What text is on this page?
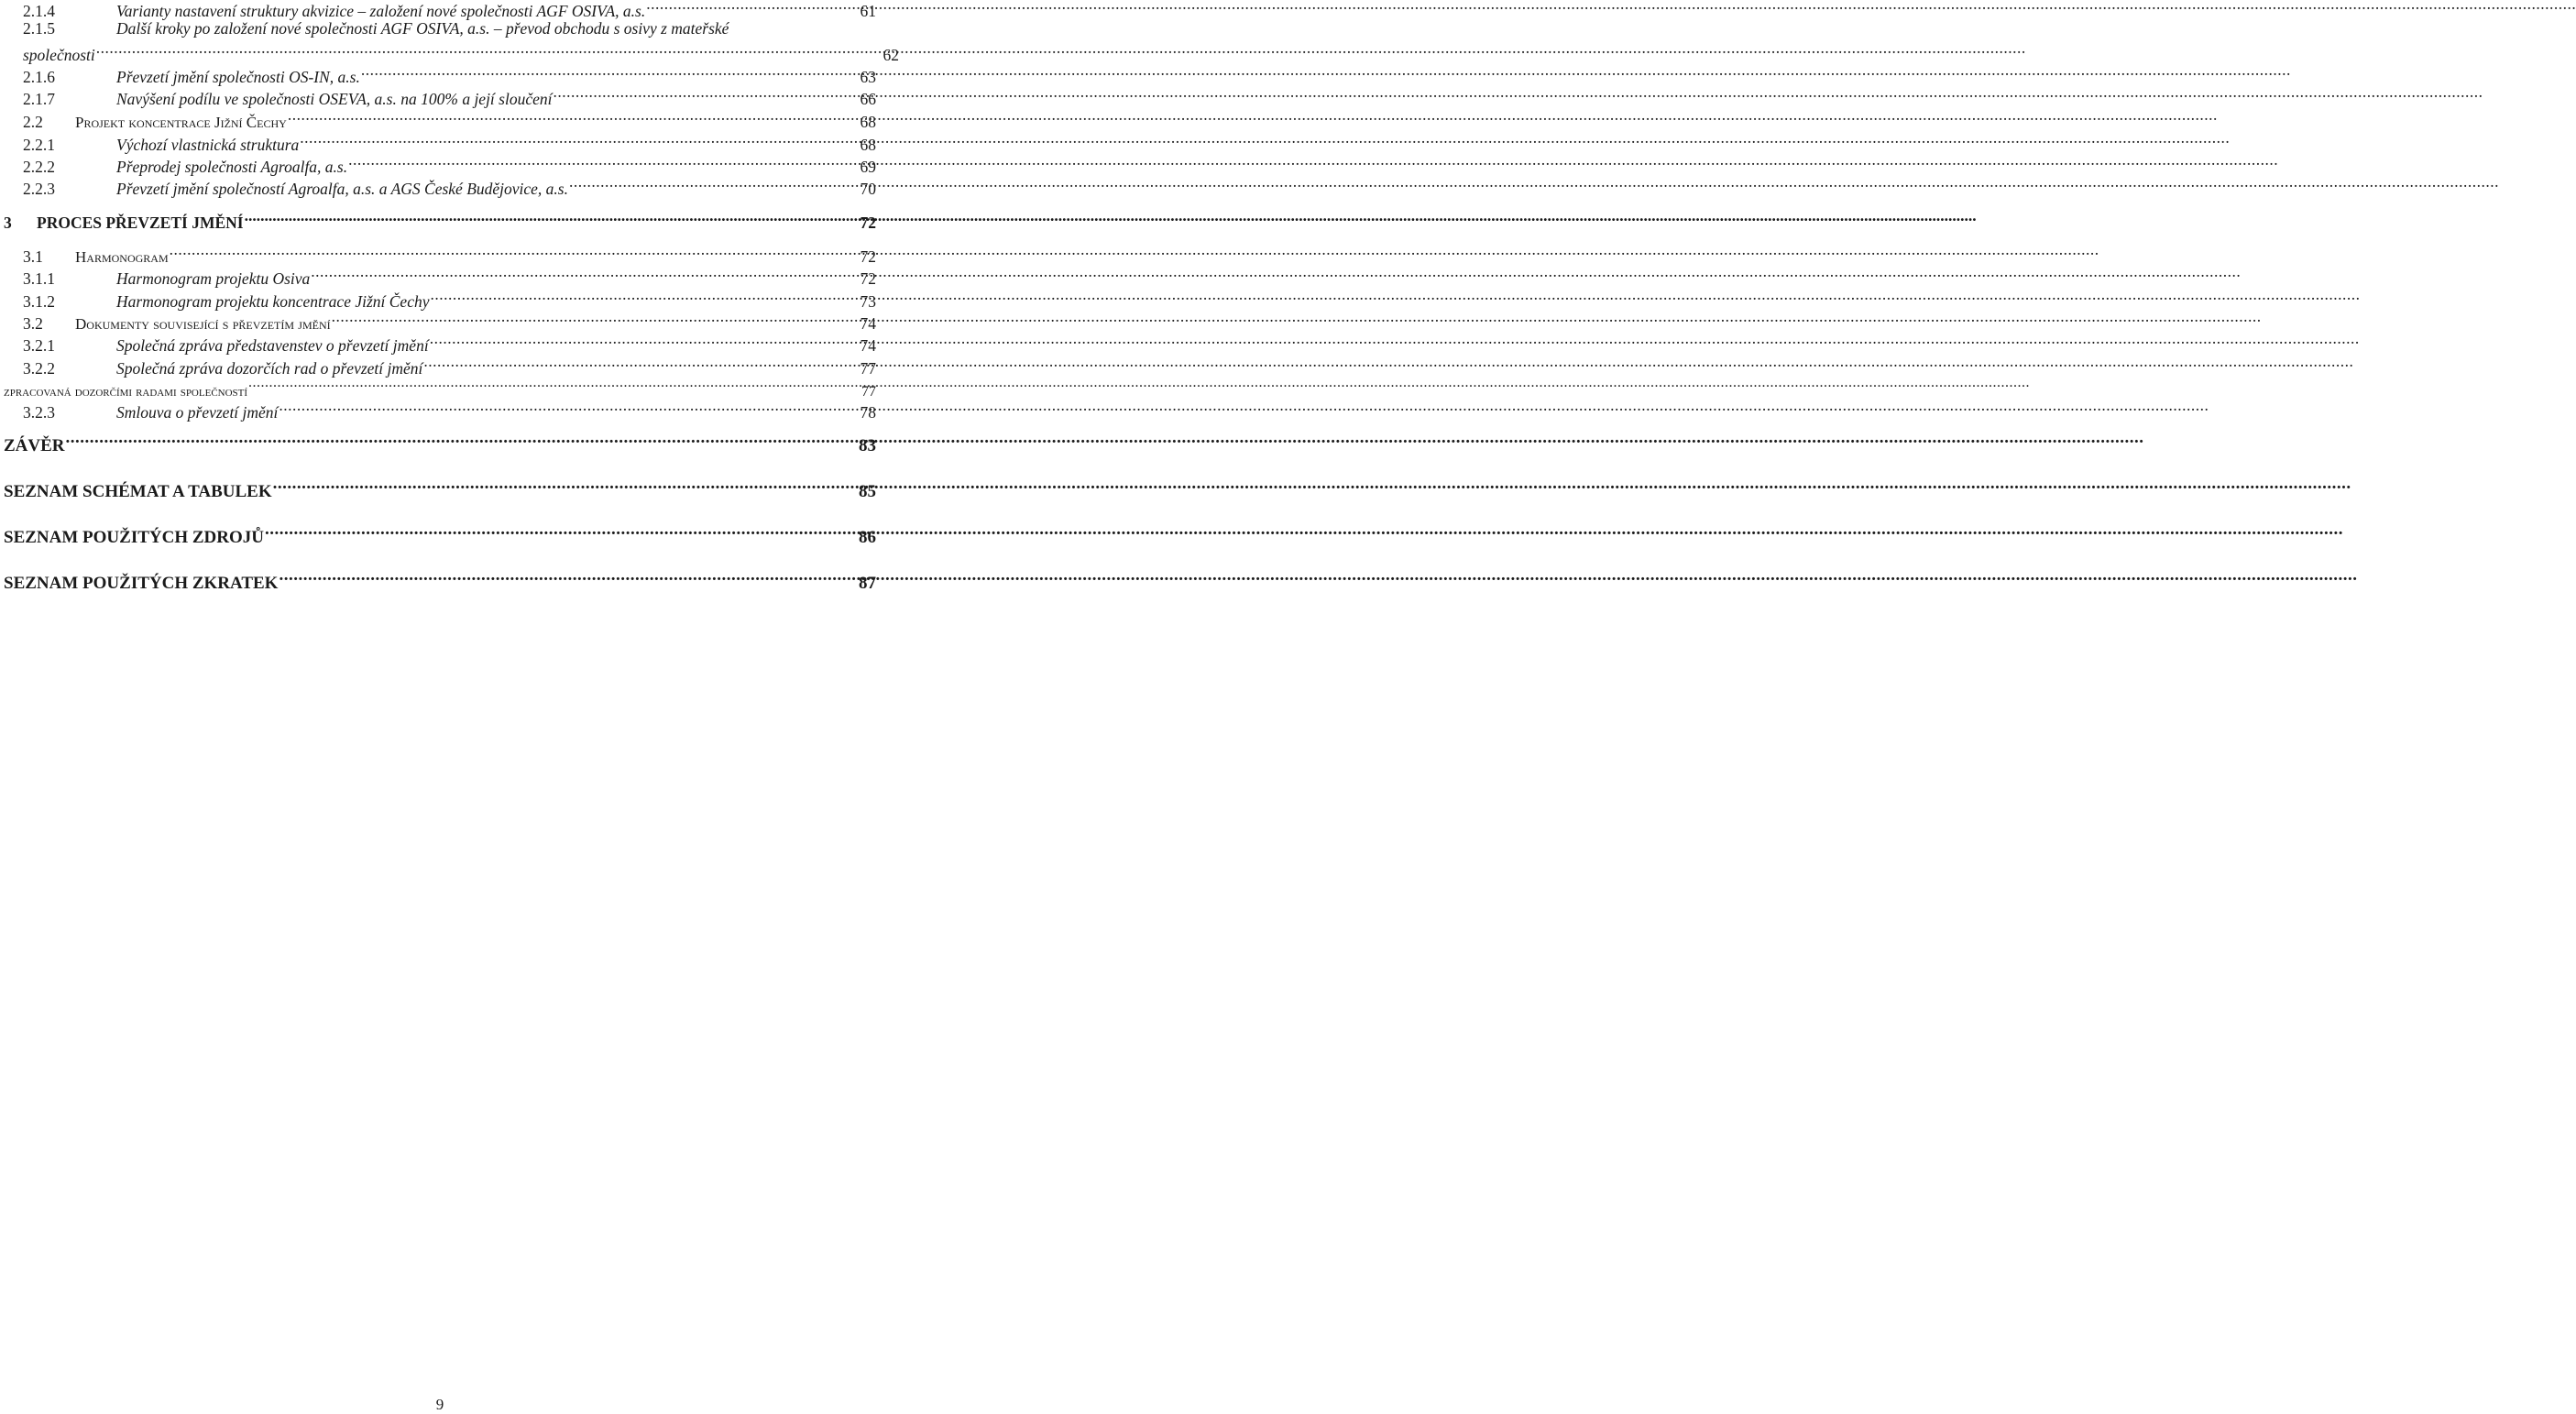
2.1.4	Varianty nastavení struktury akvizice – založení nové společnosti AGF OSIVA, a.s. .....	61
2.1.5	Další kroky po založení nové společnosti AGF OSIVA, a.s. – převod obchodu s osivy z mateřské
společnosti .....	62
2.1.6	Převzetí jmění společnosti OS-IN, a.s. .....	63
2.1.7	Navýšení podílu ve společnosti OSEVA, a.s. na 100% a její sloučení .....	66
2.2	Projekt koncentrace Jižní Čechy .....	68
2.2.1	Výchozí vlastnická struktura .....	68
2.2.2	Přeprodej společnosti Agroalfa, a.s. .....	69
2.2.3	Převzetí jmění společností Agroalfa, a.s. a AGS České Budějovice, a.s. .....	70
3	PROCES PŘEVZETÍ JMĚNÍ .....	72
3.1	Harmonogram .....	72
3.1.1	Harmonogram projektu Osiva .....	72
3.1.2	Harmonogram projektu koncentrace Jižní Čechy .....	73
3.2	Dokumenty související s převzetím jmění .....	74
3.2.1	Společná zpráva představenstev o převzetí jmění .....	74
3.2.2	Společná zpráva dozorčích rad o převzetí jmění .....	77
zpracovaná dozorčími radami společností .....	77
3.2.3	Smlouva o převzetí jmění .....	78
ZÁVĚR .....	83
SEZNAM SCHÉMAT A TABULEK .....	85
SEZNAM POUŽITÝCH ZDROJŮ .....	86
SEZNAM POUŽITÝCH ZKRATEK .....	87
9
